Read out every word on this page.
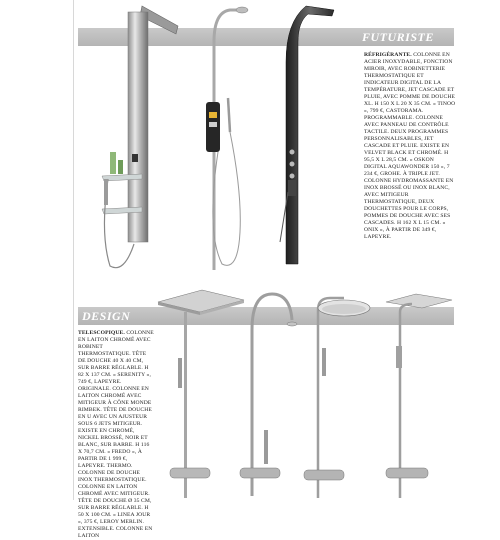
FUTURISTE
RÉFRIGÉRANTE. COLONNE EN ACIER INOXYDABLE, FONCTION MIROIR, AVEC ROBINETTERIE THERMOSTATIQUE ET INDICATEUR DIGITAL DE LA TEMPÉRATURE, JET CASCADE ET PLUIE, AVEC POMME DE DOUCHE XL. H 150 X L 20 X 35 CM. « TINOO », 799 €, CASTORAMA. PROGRAMMABLE. COLONNE AVEC PANNEAU DE CONTRÔLE TACTILE. DEUX PROGRAMMES PERSONNALISABLES, JET CASCADE ET PLUIE. EXISTE EN VELVET BLACK ET CHROMÉ. H 95,5 X L 28,5 CM. « OSKON DIGITAL AQUAWONDER 150 », 7 234 €, GROHE. À TRIPLE JET. COLONNE HYDROMASSANTE EN INOX BROSSÉ OU INOX BLANC, AVEC MITIGEUR THERMOSTATIQUE, DEUX DOUCHETTES POUR LE CORPS, POMMES DE DOUCHE AVEC SES CASCADES. H 162 X L 15 CM. « ONIX », À PARTIR DE 349 €, LAPEYRE.
DESIGN
TELESCOPIQUE. COLONNE EN LAITON CHROMÉ AVEC ROBINET THERMOSTATIQUE. TÊTE DE DOUCHE 40 X 40 CM, SUR BARRE RÉGLABLE. H 82 X 137 CM. « SERENITY », 749 €, LAPEYRE. ORIGINALE. COLONNE EN LAITON CHROMÉ AVEC MITIGEUR À CÔNE MONDE RIMBEK. TÊTE DE DOUCHE EN U AVEC UN AJUSTEUR SOUS 6 JETS MITIGEUR. EXISTE EN CHROMÉ, NICKEL BROSSÉ, NOIR ET BLANC, SUR BARRE. H 116 X 70,7 CM. « FREDO », À PARTIR DE 1 999 €, LAPEYRE. THERMO. COLONNE DE DOUCHE INOX THERMOSTATIQUE. COLONNE EN LAITON CHROMÉ AVEC MITIGEUR. TÊTE DE DOUCHE Ø 35 CM, SUR BARRE RÉGLABLE. H 50 X 100 CM. « LINEA JOUR », 375 €, LEROY MERLIN. EXTENSIBLE. COLONNE EN LAITON
